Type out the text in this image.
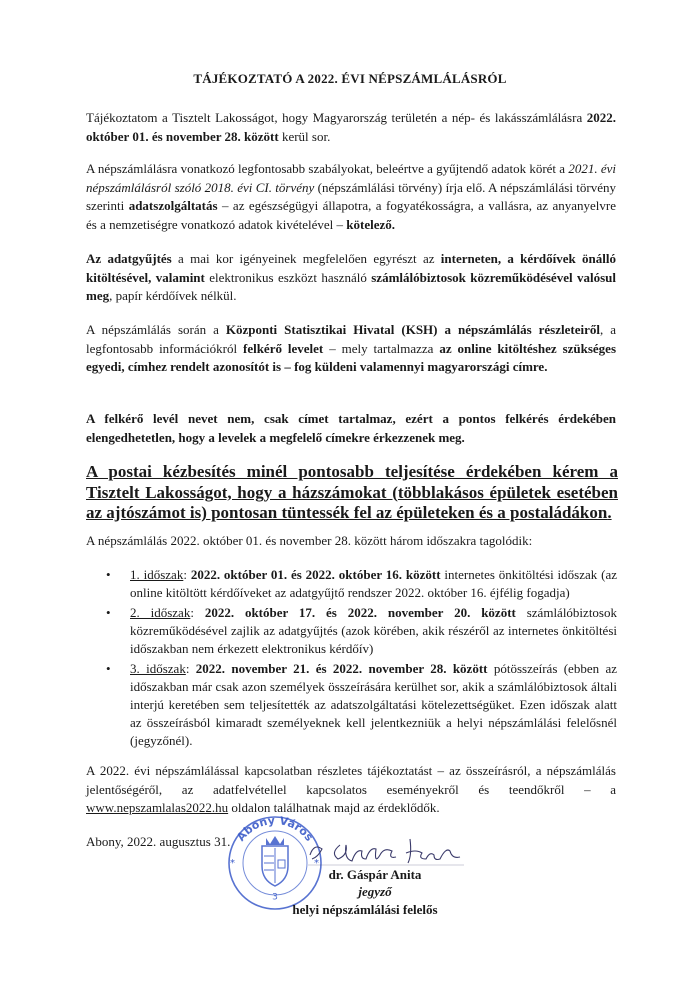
TÁJÉKOZTATÓ A 2022. ÉVI NÉPSZÁMLÁLÁSRÓL

Tájékoztatom a Tisztelt Lakosságot, hogy Magyarország területén a nép- és lakásszámlálásra 2022. október 01. és november 28. között kerül sor.

A népszámlálásra vonatkozó legfontosabb szabályokat, beleértve a gyűjtendő adatok körét a 2021. évi népszámlálásról szóló 2018. évi CI. törvény (népszámlálási törvény) írja elő. A népszámlálási törvény szerinti adatszolgáltatás – az egészségügyi állapotra, a fogyatékosságra, a vallásra, az anyanyelvre és a nemzetiségre vonatkozó adatok kivételével – kötelező.

Az adatgyűjtés a mai kor igényeinek megfelelően egyrészt az interneten, a kérdőívek önálló kitöltésével, valamint elektronikus eszközt használó számlálóbiztosok közreműködésével valósul meg, papír kérdőívek nélkül.

A népszámlálás során a Központi Statisztikai Hivatal (KSH) a népszámlálás részleteiről, a legfontosabb információkról felkérő levelet – mely tartalmazza az online kitöltéshez szükséges egyedi, címhez rendelt azonosítót is – fog küldeni valamennyi magyarországi címre.

A felkérő levél nevet nem, csak címet tartalmaz, ezért a pontos felkérés érdekében elengedhetetlen, hogy a levelek a megfelelő címekre érkezzenek meg.

A postai kézbesítés minél pontosabb teljesítése érdekében kérem a Tisztelt Lakosságot, hogy a házszámokat (többlakásos épületek esetében az ajtószámot is) pontosan tüntessék fel az épületeken és a postaládákon.

A népszámlálás 2022. október 01. és november 28. között három időszakra tagolódik:

• 1. időszak: 2022. október 01. és 2022. október 16. között internetes önkitöltési időszak (az online kitöltött kérdőíveket az adatgyűjtő rendszer 2022. október 16. éjfélig fogadja)
• 2. időszak: 2022. október 17. és 2022. november 20. között számlálóbiztosok közreműködésével zajlik az adatgyűjtés (azok körében, akik részéről az internetes önkitöltési időszakban nem érkezett elektronikus kérdőív)
• 3. időszak: 2022. november 21. és 2022. november 28. között pótösszeírás (ebben az időszakban már csak azon személyek összeírására kerülhet sor, akik a számlálóbiztosok általi interjú keretében sem teljesítették az adatszolgáltatási kötelezettségüket. Ezen időszak alatt az összeírásból kimaradt személyeknek kell jelentkezniük a helyi népszámlálási felelősnél (jegyzőnél).

A 2022. évi népszámlálással kapcsolatban részletes tájékoztatást – az összeírásról, a népszámlálás jelentőségéről, az adatfelvétellel kapcsolatos eseményekről és teendőkről – a www.nepszamlalas2022.hu oldalon találhatnak majd az érdeklődők.

Abony, 2022. augusztus 31. Abony Város
3
*	*
dr. Gáspár Anita
jegyző
helyi népszámlálási felelős
